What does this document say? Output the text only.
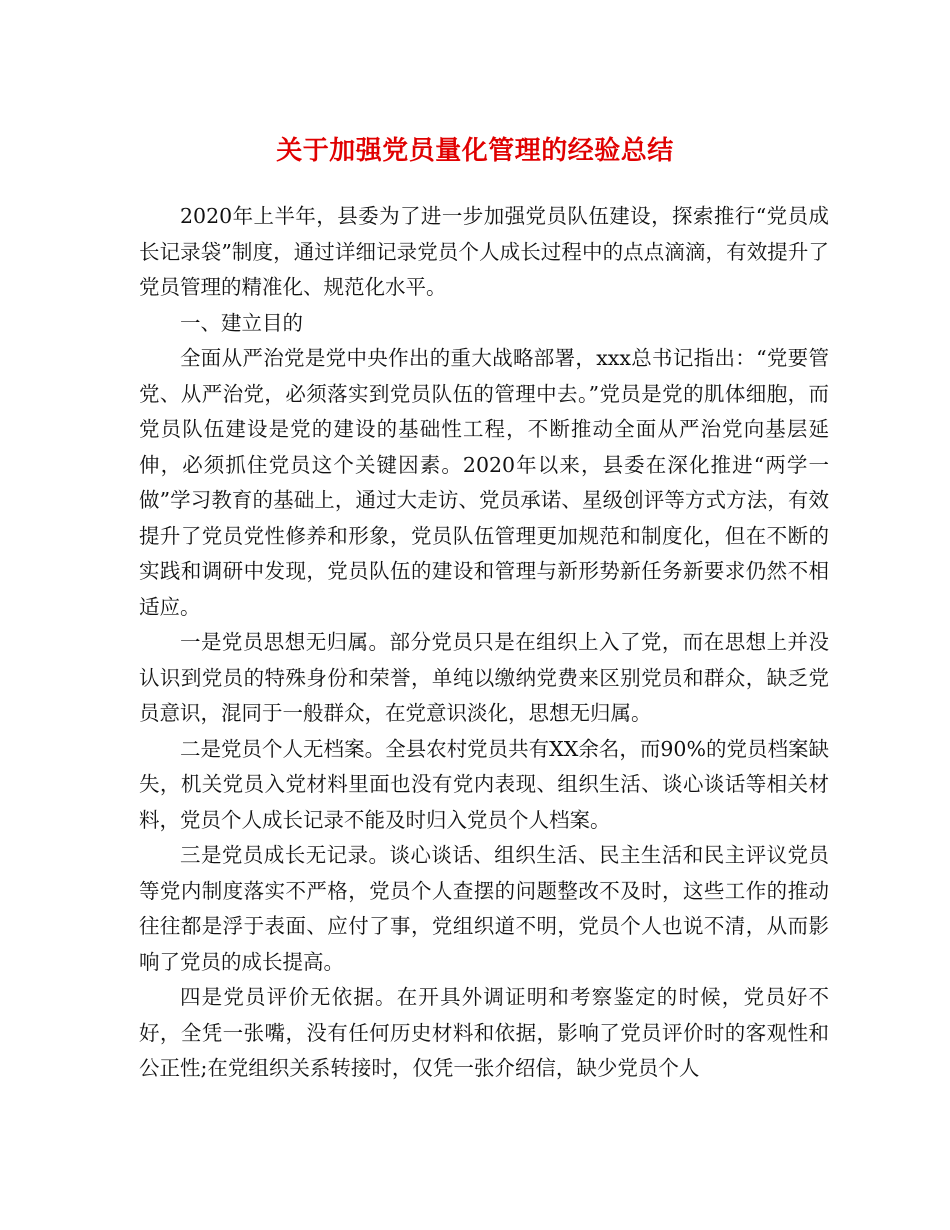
关于加强党员量化管理的经验总结

2020年上半年，县委为了进一步加强党员队伍建设，探索推行“党员成长记录袋”制度，通过详细记录党员个人成长过程中的点点滴滴，有效提升了党员管理的精准化、规范化水平。

一、建立目的

全面从严治党是党中央作出的重大战略部署，xxx总书记指出：“党要管党、从严治党，必须落实到党员队伍的管理中去。”党员是党的肌体细胞，而党员队伍建设是党的建设的基础性工程，不断推动全面从严治党向基层延伸，必须抓住党员这个关键因素。2020年以来，县委在深化推进“两学一做”学习教育的基础上，通过大走访、党员承诺、星级创评等方式方法，有效提升了党员党性修养和形象，党员队伍管理更加规范和制度化，但在不断的实践和调研中发现，党员队伍的建设和管理与新形势新任务新要求仍然不相适应。

一是党员思想无归属。部分党员只是在组织上入了党，而在思想上并没认识到党员的特殊身份和荣誉，单纯以缴纳党费来区别党员和群众，缺乏党员意识，混同于一般群众，在党意识淡化，思想无归属。

二是党员个人无档案。全县农村党员共有XX余名，而90%的党员档案缺失，机关党员入党材料里面也没有党内表现、组织生活、谈心谈话等相关材料，党员个人成长记录不能及时归入党员个人档案。

三是党员成长无记录。谈心谈话、组织生活、民主生活和民主评议党员等党内制度落实不严格，党员个人查摆的问题整改不及时，这些工作的推动往往都是浮于表面、应付了事，党组织道不明，党员个人也说不清，从而影响了党员的成长提高。

四是党员评价无依据。在开具外调证明和考察鉴定的时候，党员好不好，全凭一张嘴，没有任何历史材料和依据，影响了党员评价时的客观性和公正性;在党组织关系转接时，仅凭一张介绍信，缺少党员个人
